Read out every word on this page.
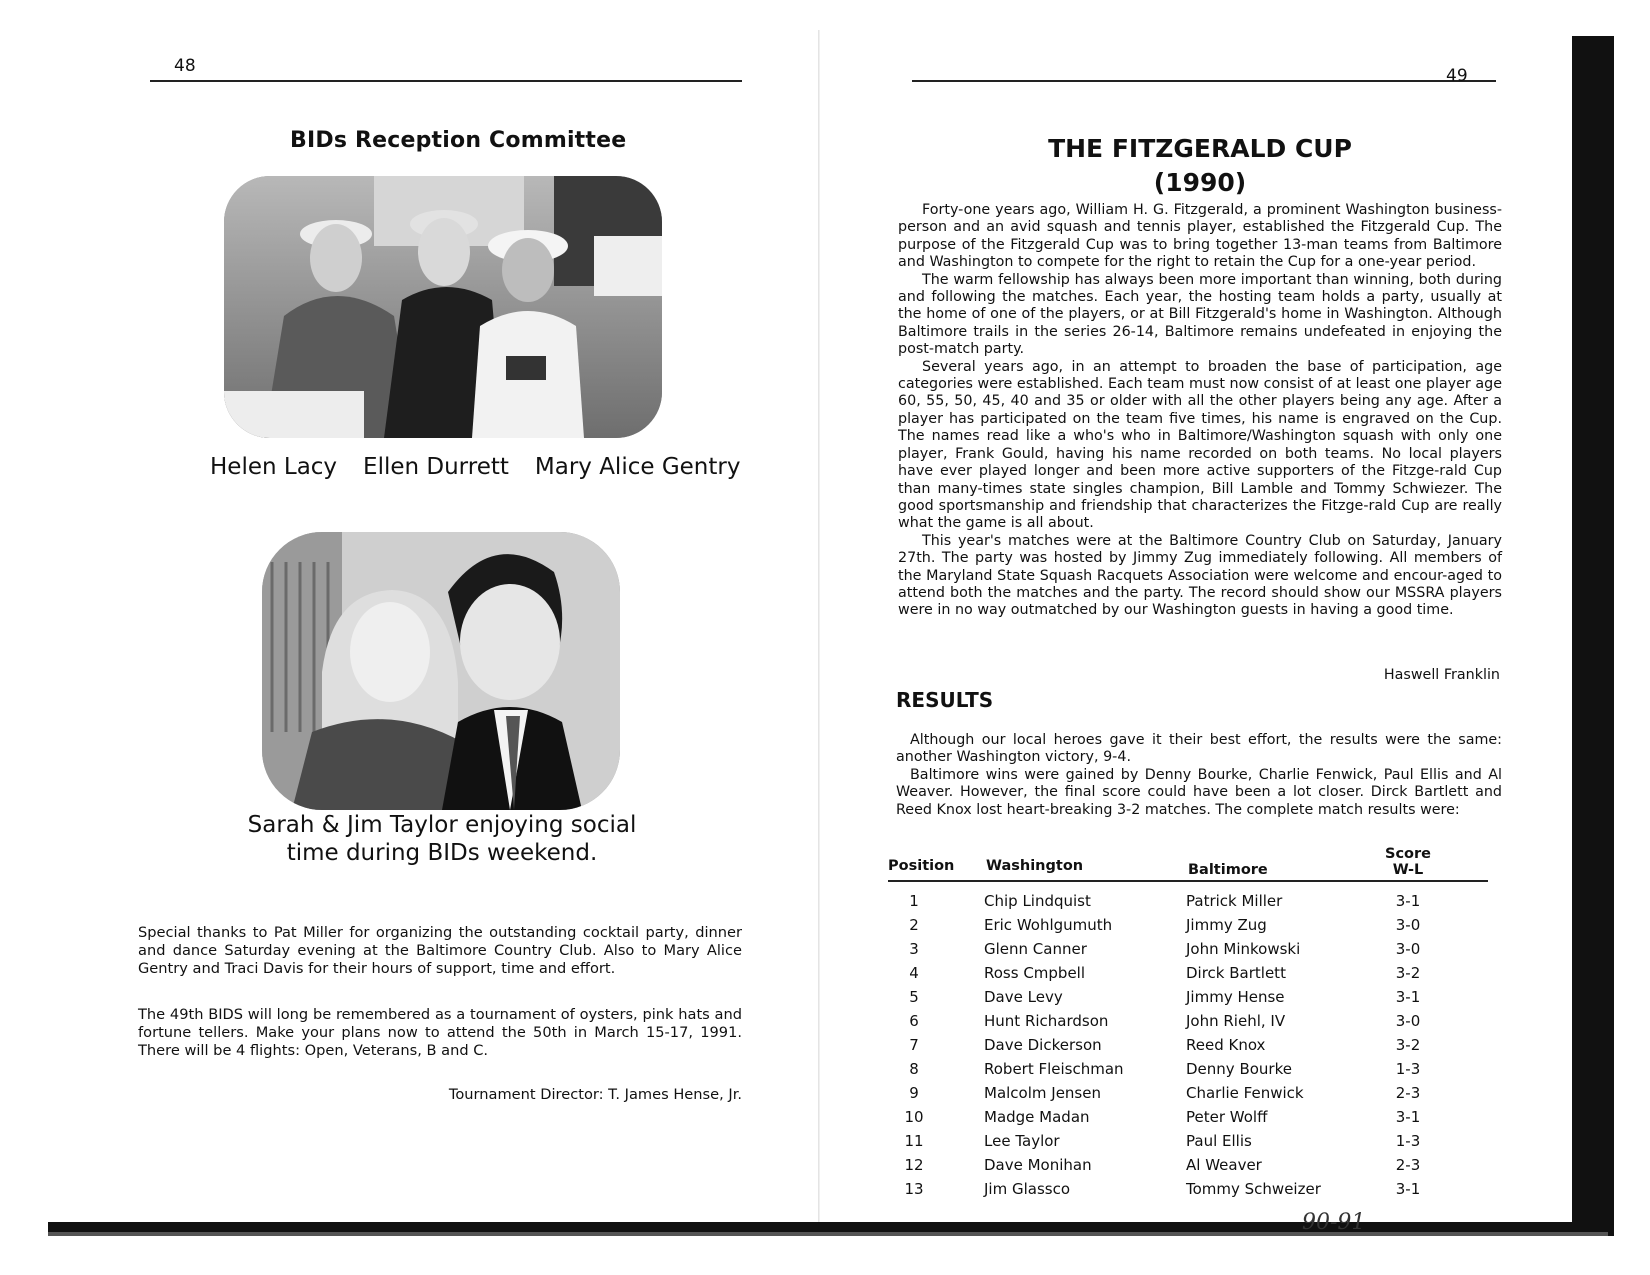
48
BIDs Reception Committee
Helen Lacy Ellen Durrett Mary Alice Gentry
Sarah & Jim Taylor enjoying social time during BIDs weekend.
Special thanks to Pat Miller for organizing the outstanding cocktail party, dinner and dance Saturday evening at the Baltimore Country Club. Also to Mary Alice Gentry and Traci Davis for their hours of support, time and effort.
The 49th BIDS will long be remembered as a tournament of oysters, pink hats and fortune tellers. Make your plans now to attend the 50th in March 15-17, 1991. There will be 4 flights: Open, Veterans, B and C.
Tournament Director: T. James Hense, Jr.
49
THE FITZGERALD CUP
(1990)

Forty-one years ago, William H. G. Fitzgerald, a prominent Washington business-person and an avid squash and tennis player, established the Fitzgerald Cup. The purpose of the Fitzgerald Cup was to bring together 13-man teams from Baltimore and Washington to compete for the right to retain the Cup for a one-year period.

The warm fellowship has always been more important than winning, both during and following the matches. Each year, the hosting team holds a party, usually at the home of one of the players, or at Bill Fitzgerald's home in Washington. Although Baltimore trails in the series 26-14, Baltimore remains undefeated in enjoying the post-match party.

Several years ago, in an attempt to broaden the base of participation, age categories were established. Each team must now consist of at least one player age 60, 55, 50, 45, 40 and 35 or older with all the other players being any age. After a player has participated on the team five times, his name is engraved on the Cup. The names read like a who's who in Baltimore/Washington squash with only one player, Frank Gould, having his name recorded on both teams. No local players have ever played longer and been more active supporters of the Fitzge-rald Cup than many-times state singles champion, Bill Lamble and Tommy Schwiezer. The good sportsmanship and friendship that characterizes the Fitzge-rald Cup are really what the game is all about.

This year's matches were at the Baltimore Country Club on Saturday, January 27th. The party was hosted by Jimmy Zug immediately following. All members of the Maryland State Squash Racquets Association were welcome and encour-aged to attend both the matches and the party. The record should show our MSSRA players were in no way outmatched by our Washington guests in having a good time.

Haswell Franklin
RESULTS

Although our local heroes gave it their best effort, the results were the same: another Washington victory, 9-4.

Baltimore wins were gained by Denny Bourke, Charlie Fenwick, Paul Ellis and Al Weaver. However, the final score could have been a lot closer. Dirck Bartlett and Reed Knox lost heart-breaking 3-2 matches. The complete match results were:

Position Washington	Baltimore
Score
W-L
1	Chip Lindquist	Patrick Miller	3-1
2	Eric Wohlgumuth	Jimmy Zug	3-0
3	Glenn Canner	John Minkowski	3-0
4	Ross Cmpbell	Dirck Bartlett	3-2
5	Dave Levy	Jimmy Hense	3-1
6	Hunt Richardson	John Riehl, IV	3-0
7	Dave Dickerson	Reed Knox	3-2
8	Robert Fleischman	Denny Bourke	1-3
9	Malcolm Jensen	Charlie Fenwick	2-3
10	Madge Madan	Peter Wolff	3-1
11	Lee Taylor	Paul Ellis	1-3
12	Dave Monihan	Al Weaver	2-3
13	Jim Glassco	Tommy Schweizer	3-1
90-91
